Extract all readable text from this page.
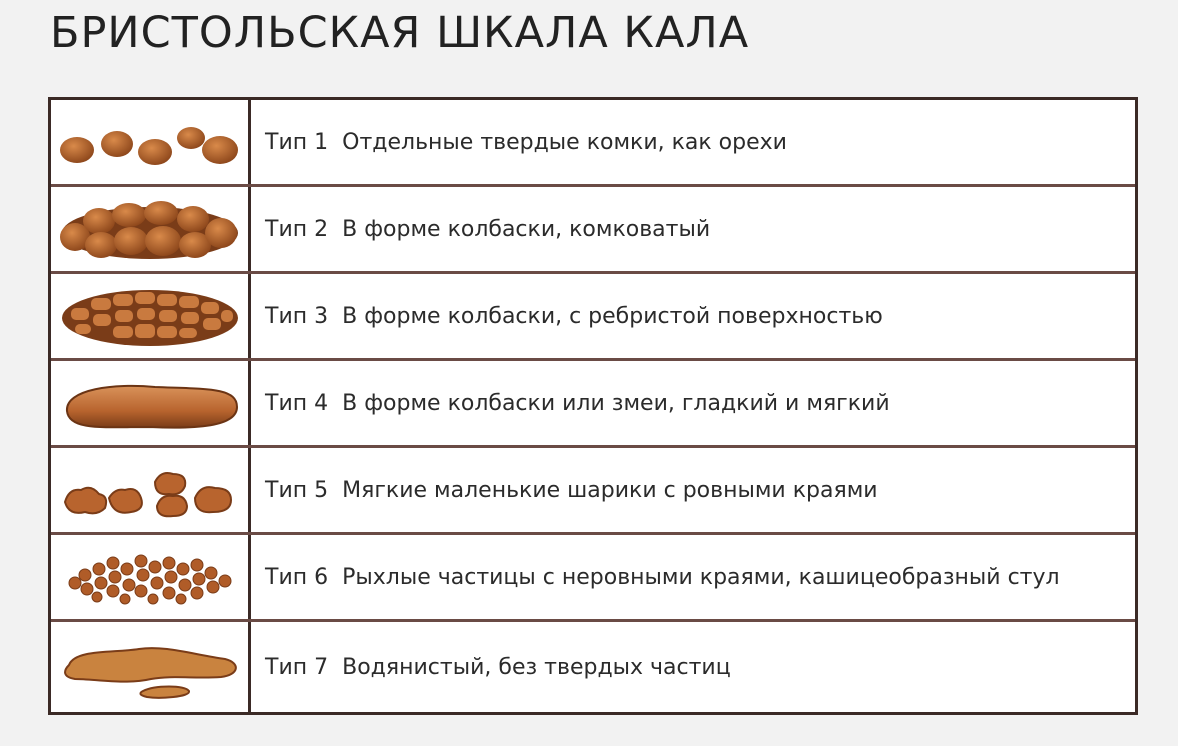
БРИСТОЛЬСКАЯ ШКАЛА КАЛА
Тип 1 Отдельные твердые комки, как орехи
Тип 2 В форме колбаски, комковатый
Тип 3 В форме колбаски, с ребристой поверхностью
Тип 4 В форме колбаски или змеи, гладкий и мягкий
Тип 5 Мягкие маленькие шарики с ровными краями
Тип 6 Рыхлые частицы с неровными краями, кашицеобразный стул
Тип 7 Водянистый, без твердых частиц
